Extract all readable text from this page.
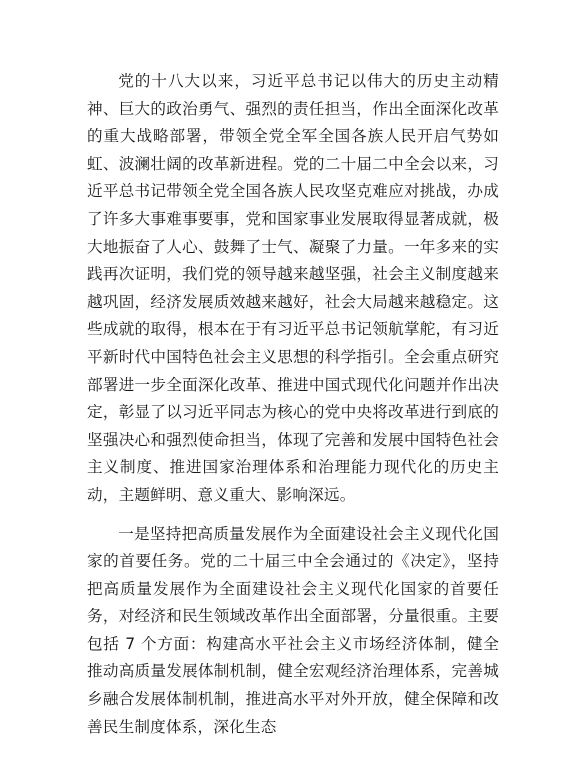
党的十八大以来，习近平总书记以伟大的历史主动精神、巨大的政治勇气、强烈的责任担当，作出全面深化改革的重大战略部署，带领全党全军全国各族人民开启气势如虹、波澜壮阔的改革新进程。党的二十届二中全会以来，习近平总书记带领全党全国各族人民攻坚克难应对挑战，办成了许多大事难事要事，党和国家事业发展取得显著成就，极大地振奋了人心、鼓舞了士气、凝聚了力量。一年多来的实践再次证明，我们党的领导越来越坚强，社会主义制度越来越巩固，经济发展质效越来越好，社会大局越来越稳定。这些成就的取得，根本在于有习近平总书记领航掌舵，有习近平新时代中国特色社会主义思想的科学指引。全会重点研究部署进一步全面深化改革、推进中国式现代化问题并作出决定，彰显了以习近平同志为核心的党中央将改革进行到底的坚强决心和强烈使命担当，体现了完善和发展中国特色社会主义制度、推进国家治理体系和治理能力现代化的历史主动，主题鲜明、意义重大、影响深远。

一是坚持把高质量发展作为全面建设社会主义现代化国家的首要任务。党的二十届三中全会通过的《决定》，坚持把高质量发展作为全面建设社会主义现代化国家的首要任务，对经济和民生领域改革作出全面部署，分量很重。主要包括 7 个方面：构建高水平社会主义市场经济体制，健全推动高质量发展体制机制，健全宏观经济治理体系，完善城乡融合发展体制机制，推进高水平对外开放，健全保障和改善民生制度体系，深化生态
